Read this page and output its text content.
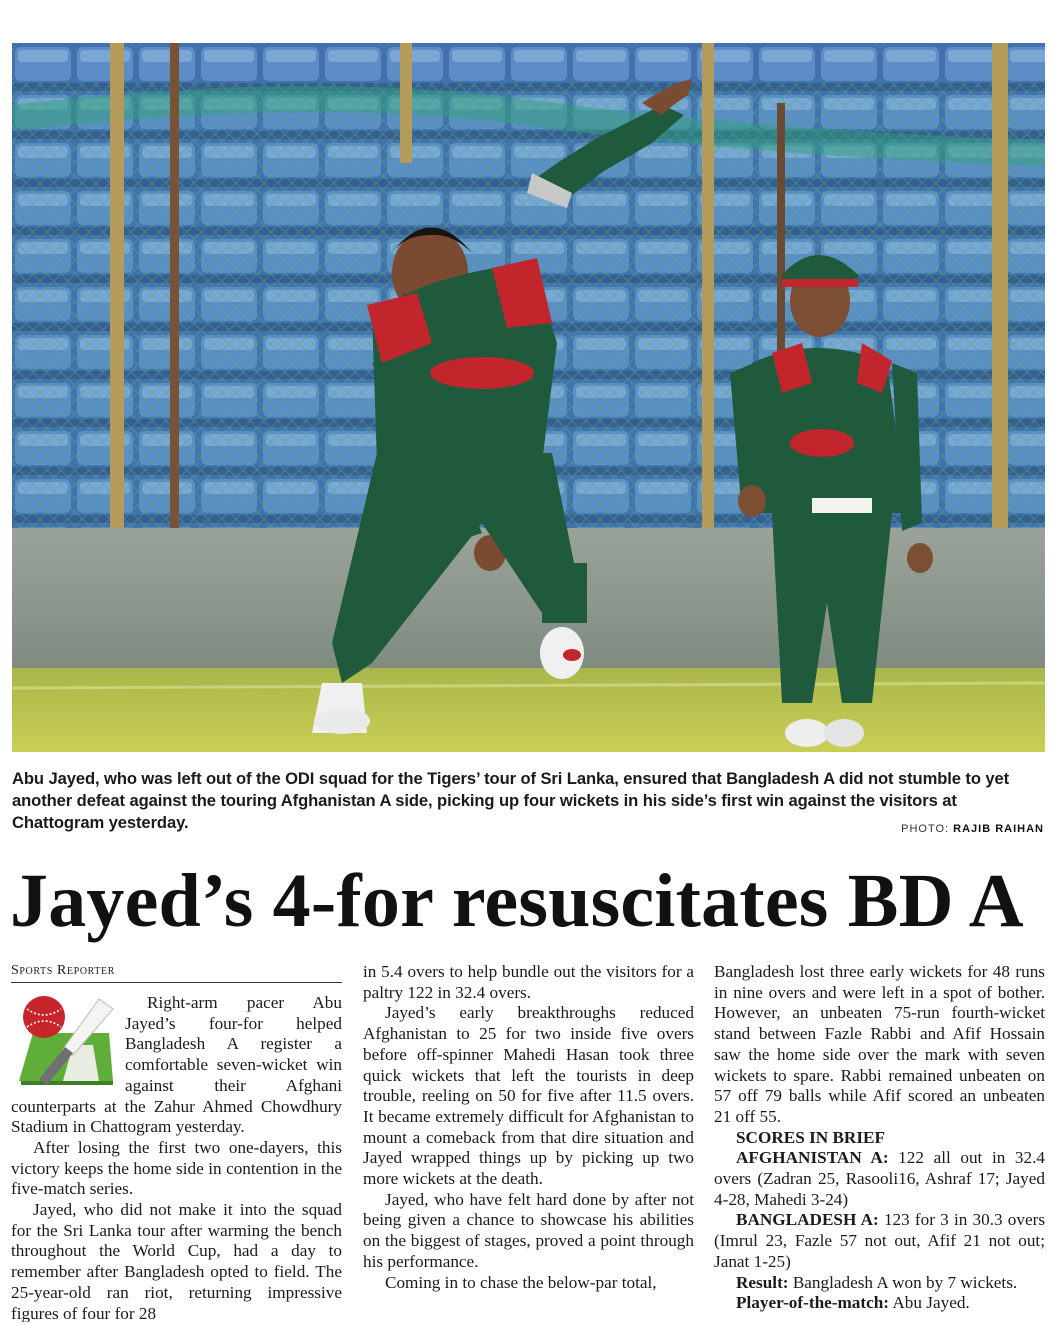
Abu Jayed, who was left out of the ODI squad for the Tigers’ tour of Sri Lanka, ensured that Bangladesh A did not stumble to yet another defeat against the touring Afghanistan A side, picking up four wickets in his side’s first win against the visitors at Chattogram yesterday.	PHOTO: RAJIB RAIHAN
Jayed’s 4-for resuscitates BD A
Sports Reporter

Right-arm pacer Abu Jayed’s four-for helped Bangladesh A register a comfortable seven-wicket win against their Afghani counterparts at the Zahur Ahmed Chowdhury Stadium in Chattogram yesterday.

After losing the first two one-dayers, this victory keeps the home side in contention in the five-match series.

Jayed, who did not make it into the squad for the Sri Lanka tour after warming the bench throughout the World Cup, had a day to remember after Bangladesh opted to field. The 25-year-old ran riot, returning impressive figures of four for 28

in 5.4 overs to help bundle out the visitors for a paltry 122 in 32.4 overs.

Jayed’s early breakthroughs reduced Afghanistan to 25 for two inside five overs before off-spinner Mahedi Hasan took three quick wickets that left the tourists in deep trouble, reeling on 50 for five after 11.5 overs. It became extremely difficult for Afghanistan to mount a comeback from that dire situation and Jayed wrapped things up by picking up two more wickets at the death.

Jayed, who have felt hard done by after not being given a chance to showcase his abilities on the biggest of stages, proved a point through his performance.

Coming in to chase the below-par total,

Bangladesh lost three early wickets for 48 runs in nine overs and were left in a spot of bother. However, an unbeaten 75-run fourth-wicket stand between Fazle Rabbi and Afif Hossain saw the home side over the mark with seven wickets to spare. Rabbi remained unbeaten on 57 off 79 balls while Afif scored an unbeaten 21 off 55.

SCORES IN BRIEF

AFGHANISTAN A: 122 all out in 32.4 overs (Zadran 25, Rasooli16, Ashraf 17; Jayed 4-28, Mahedi 3-24)

BANGLADESH A: 123 for 3 in 30.3 overs (Imrul 23, Fazle 57 not out, Afif 21 not out; Janat 1-25)

Result: Bangladesh A won by 7 wickets.

Player-of-the-match: Abu Jayed.
